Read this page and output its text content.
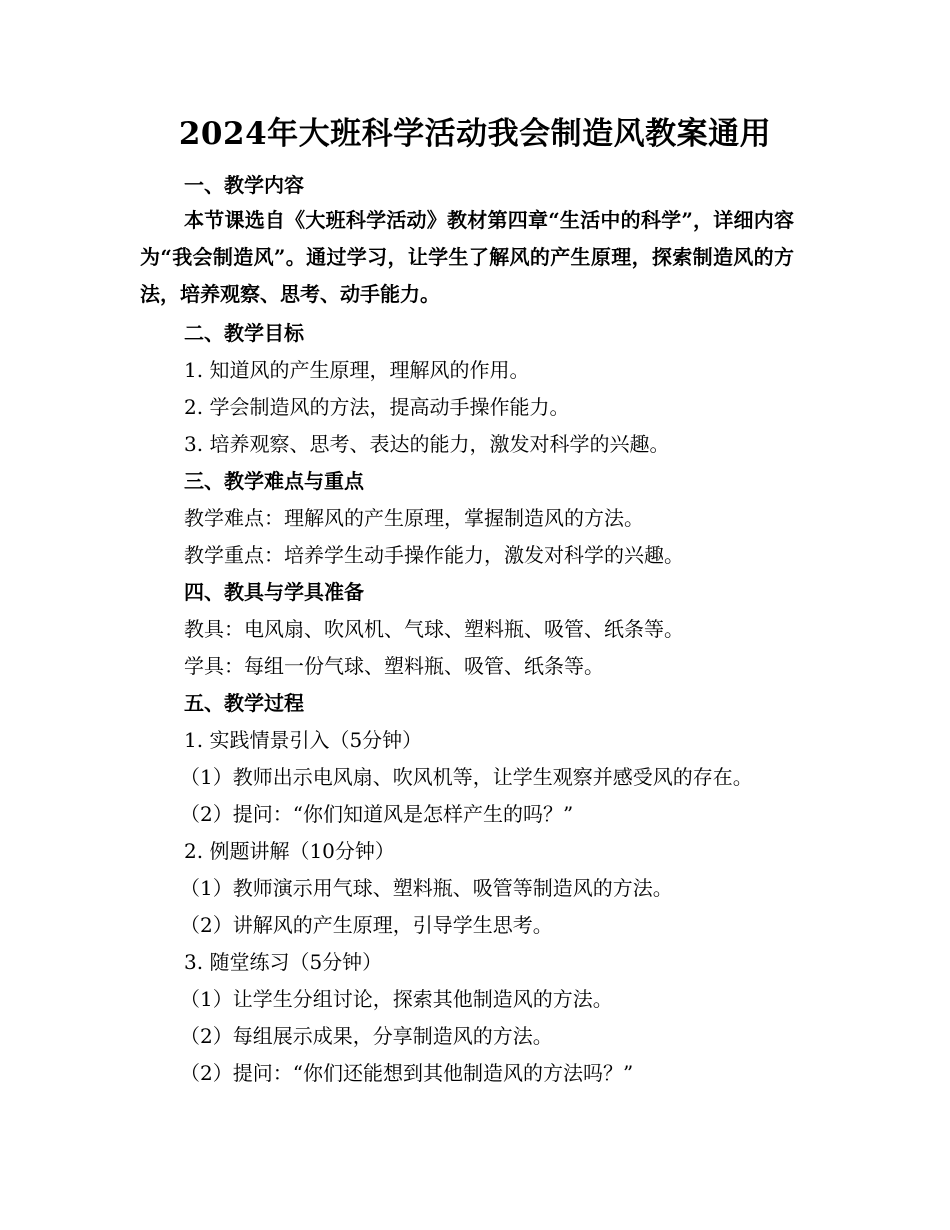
2024年大班科学活动我会制造风教案通用
一、教学内容
本节课选自《大班科学活动》教材第四章“生活中的科学”，详细内容为“我会制造风”。通过学习，让学生了解风的产生原理，探索制造风的方法，培养观察、思考、动手能力。
二、教学目标
1. 知道风的产生原理，理解风的作用。
2. 学会制造风的方法，提高动手操作能力。
3. 培养观察、思考、表达的能力，激发对科学的兴趣。
三、教学难点与重点
教学难点：理解风的产生原理，掌握制造风的方法。
教学重点：培养学生动手操作能力，激发对科学的兴趣。
四、教具与学具准备
教具：电风扇、吹风机、气球、塑料瓶、吸管、纸条等。
学具：每组一份气球、塑料瓶、吸管、纸条等。
五、教学过程
1. 实践情景引入（5分钟）
（1）教师出示电风扇、吹风机等，让学生观察并感受风的存在。
（2）提问：“你们知道风是怎样产生的吗？”
2. 例题讲解（10分钟）
（1）教师演示用气球、塑料瓶、吸管等制造风的方法。
（2）讲解风的产生原理，引导学生思考。
3. 随堂练习（5分钟）
（1）让学生分组讨论，探索其他制造风的方法。
（2）每组展示成果，分享制造风的方法。
（2）提问：“你们还能想到其他制造风的方法吗？”
